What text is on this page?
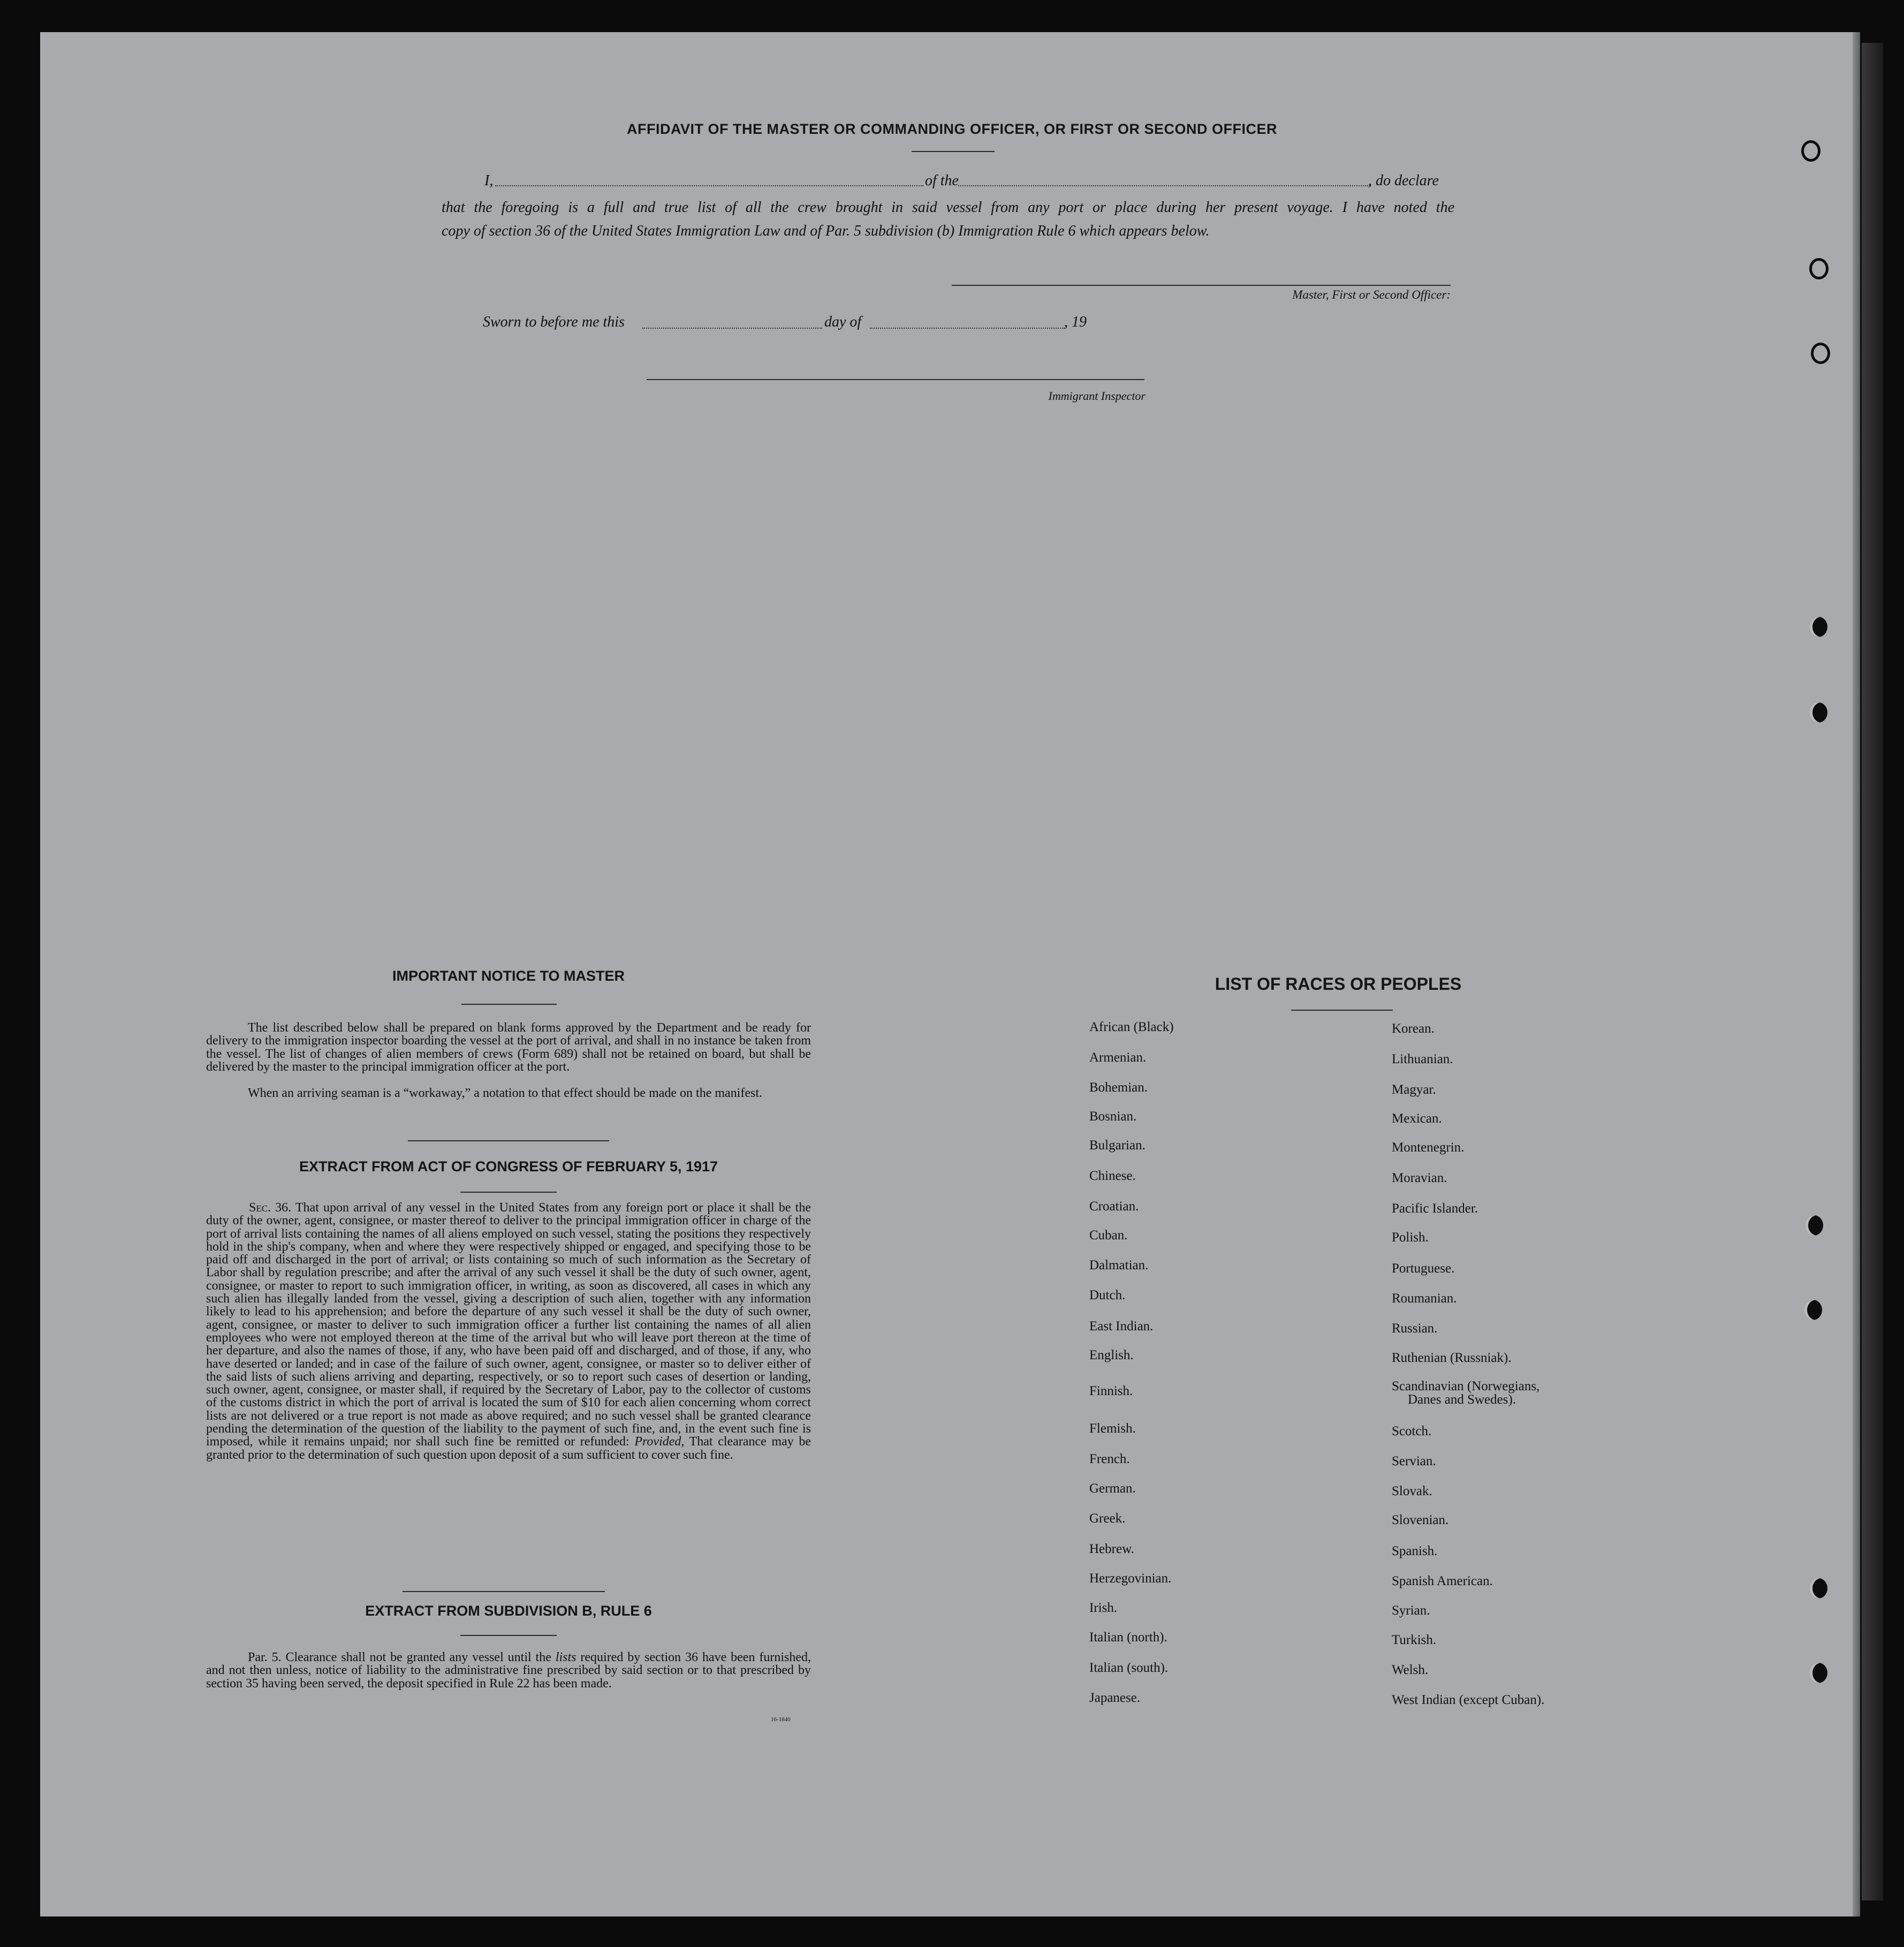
AFFIDAVIT OF THE MASTER OR COMMANDING OFFICER, OR FIRST OR SECOND OFFICER
I,	of the	, do declare
that the foregoing is a full and true list of all the crew brought in said vessel from any port or place during her present voyage. I have noted the
copy of section 36 of the United States Immigration Law and of Par. 5 subdivision (b) Immigration Rule 6 which appears below.
Master, First or Second Officer:
Sworn to before me this	day of	, 19
Immigrant Inspector
IMPORTANT NOTICE TO MASTER
The list described below shall be prepared on blank forms approved by the Department and be ready for delivery to the immigration inspector boarding the vessel at the port of arrival, and shall in no instance be taken from the vessel. The list of changes of alien members of crews (Form 689) shall not be retained on board, but shall be delivered by the master to the principal immigration officer at the port.
When an arriving seaman is a “workaway,” a notation to that effect should be made on the manifest.
EXTRACT FROM ACT OF CONGRESS OF FEBRUARY 5, 1917
Sec. 36. That upon arrival of any vessel in the United States from any foreign port or place it shall be the duty of the owner, agent, consignee, or master thereof to deliver to the principal immigration officer in charge of the port of arrival lists containing the names of all aliens employed on such vessel, stating the positions they respectively hold in the ship's company, when and where they were respectively shipped or engaged, and specifying those to be paid off and discharged in the port of arrival; or lists containing so much of such information as the Secretary of Labor shall by regulation prescribe; and after the arrival of any such vessel it shall be the duty of such owner, agent, consignee, or master to report to such immigration officer, in writing, as soon as discovered, all cases in which any such alien has illegally landed from the vessel, giving a description of such alien, together with any information likely to lead to his apprehension; and before the departure of any such vessel it shall be the duty of such owner, agent, consignee, or master to deliver to such immigration officer a further list containing the names of all alien employees who were not employed thereon at the time of the arrival but who will leave port thereon at the time of her departure, and also the names of those, if any, who have been paid off and discharged, and of those, if any, who have deserted or landed; and in case of the failure of such owner, agent, consignee, or master so to deliver either of the said lists of such aliens arriving and departing, respectively, or so to report such cases of desertion or landing, such owner, agent, consignee, or master shall, if required by the Secretary of Labor, pay to the collector of customs of the customs district in which the port of arrival is located the sum of $10 for each alien concerning whom correct lists are not delivered or a true report is not made as above required; and no such vessel shall be granted clearance pending the determination of the question of the liability to the payment of such fine, and, in the event such fine is imposed, while it remains unpaid; nor shall such fine be remitted or refunded: Provided, That clearance may be granted prior to the determination of such question upon deposit of a sum sufficient to cover such fine.
EXTRACT FROM SUBDIVISION B, RULE 6
Par. 5. Clearance shall not be granted any vessel until the lists required by section 36 have been furnished, and not then unless, notice of liability to the administrative fine prescribed by said section or to that prescribed by section 35 having been served, the deposit specified in Rule 22 has been made.
16-1840
LIST OF RACES OR PEOPLES
African (Black)
Armenian.
Bohemian.
Bosnian.
Bulgarian.
Chinese.
Croatian.
Cuban.
Dalmatian.
Dutch.
East Indian.
English.
Finnish.
Flemish.
French.
German.
Greek.
Hebrew.
Herzegovinian.
Irish.
Italian (north).
Italian (south).
Japanese.
Korean.
Lithuanian.
Magyar.
Mexican.
Montenegrin.
Moravian.
Pacific Islander.
Polish.
Portuguese.
Roumanian.
Russian.
Ruthenian (Russniak).
Scandinavian (Norwegians,
Danes and Swedes).
Scotch.
Servian.
Slovak.
Slovenian.
Spanish.
Spanish American.
Syrian.
Turkish.
Welsh.
West Indian (except Cuban).
